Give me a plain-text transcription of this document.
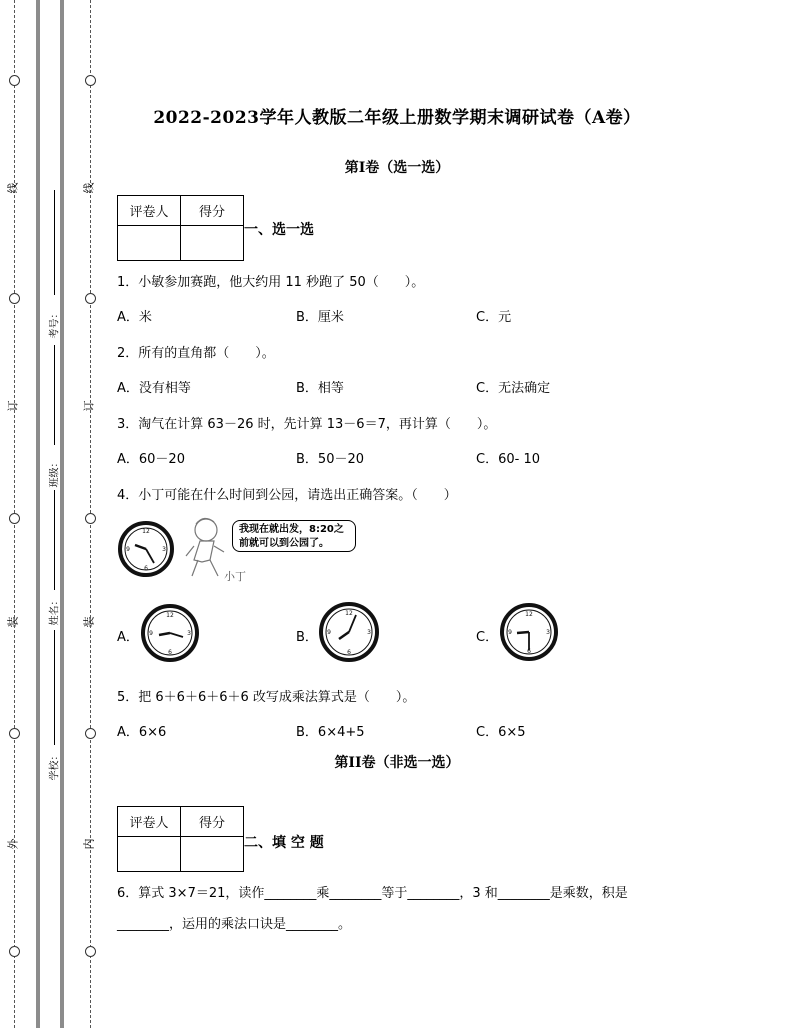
线
订
装
外
线
订
装
内
考号：
班级：
姓名：
学校：
2022-2023学年人教版二年级上册数学期末调研试卷（A卷）
第I卷（选一选）
评卷人	得分

一、选一选
1．小敏参加赛跑，他大约用 11 秒跑了 50（　　）。
A．米	B．厘米	C．元
2．所有的直角都（　　）。
A．没有相等	B．相等	C．无法确定
3．淘气在计算 63－26 时，先计算 13－6＝7，再计算（　　）。
A．60－20	B．50－20	C．60- 10
4．小丁可能在什么时间到公园，请选出正确答案。（　　）
12
3
6
9
我现在就出发，8:20之
前就可以到公园了。
小丁
A．
12
3
6
9	B．
12
3
6
9	C．
12
3
6
9
5．把 6＋6＋6＋6＋6 改写成乘法算式是（　　）。
A．6×6	B．6×4+5	C．6×5
第II卷（非选一选）
评卷人	得分

二、填 空 题
6．算式 3×7＝21，读作________乘________等于________，3 和________是乘数，积是
________，运用的乘法口诀是________。
